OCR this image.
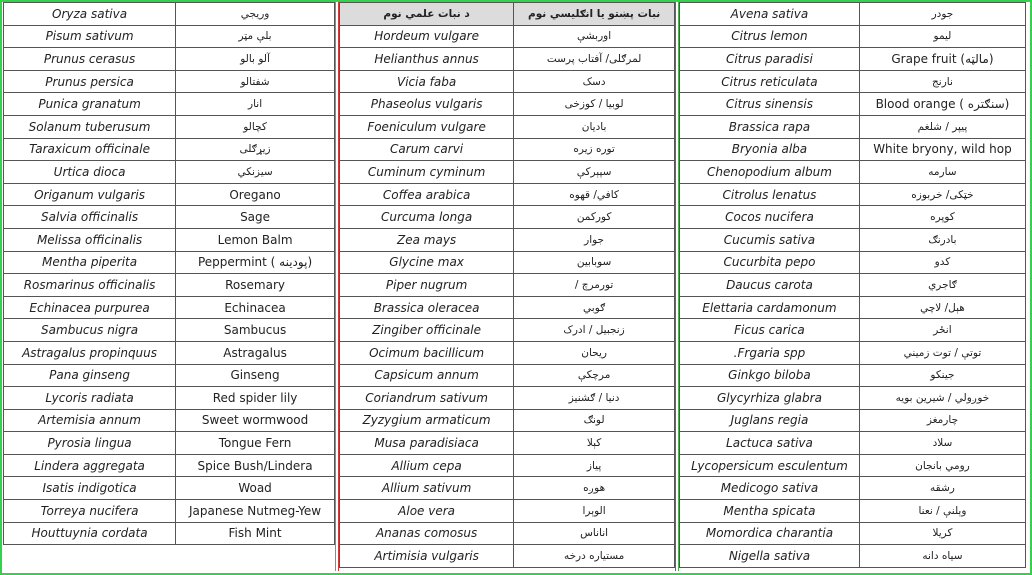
Oryza sativa	وريجي
Pisum sativum	بلې مټر
Prunus cerasus	آلو بالو
Prunus persica	شفتالو
Punica granatum	انار
Solanum tuberusum	کچالو
Taraxicum officinale	زيړګلی
Urtica dioca	سيزنکي
Origanum vulgaris	Oregano
Salvia officinalis	Sage
Melissa officinalis	Lemon Balm
Mentha piperita	Peppermint ( پودینه)
Rosmarinus officinalis	Rosemary
Echinacea purpurea	Echinacea
Sambucus nigra	Sambucus
Astragalus propinquus	Astragalus
Pana ginseng	Ginseng
Lycoris radiata	Red spider lily
Artemisia annum	Sweet wormwood
Pyrosia lingua	Tongue Fern
Lindera aggregata	Spice Bush/Lindera
Isatis indigotica	Woad
Torreya nucifera	Japanese Nutmeg-Yew
Houttuynia cordata	Fish Mint
د نبات علمي نوم	نبات پښتو يا انګليسي نوم
Hordeum vulgare	اوربشې
Helianthus annus	لمرګلی/ آفتاب پرست
Vicia faba	دسک
Phaseolus vulgaris	لوبیا / کوزخی
Foeniculum vulgare	بادیان
Carum carvi	توره زیره
Cuminum cyminum	سپېرکې
Coffea arabica	کافي/ قهوه
Curcuma longa	کورکمن
Zea mays	جوار
Glycine max	سوبابين
Piper nugrum	تورمرچ /
Brassica oleracea	ګوبي
Zingiber officinale	زنجبیل / ادرک
Ocimum bacillicum	ریحان
Capsicum annum	مرچکې
Coriandrum sativum	دنيا / ګشنيز
Zyzygium armaticum	لونګ
Musa paradisiaca	کېلا
Allium cepa	پیاز
Allium sativum	هوږه
Aloe vera	الوېرا
Ananas comosus	اناناس
Artimisia vulgaris	مستياره درخه
Avena sativa	جودر
Citrus lemon	ليمو
Citrus paradisi	Grape fruit (مالټه)
Citrus reticulata	نارنج
Citrus sinensis	Blood orange ( سنګتره)
Brassica rapa	پيپر / شلغم
Bryonia alba	White bryony, wild hop
Chenopodium album	سارمه
Citrolus lenatus	خټکی/ خربوزه
Cocos nucifera	کوپره
Cucumis sativa	بادرنګ
Cucurbita pepo	کدو
Daucus carota	ګاجري
Elettaria cardamonum	هېل/ لاچي
Ficus carica	انځر
.Frgaria spp	توتې / توت زمیني
Ginkgo biloba	جينکو
Glycyrhiza glabra	خوږولي / شيرين بويه
Juglans regia	چارمغز
Lactuca sativa	سلاد
Lycopersicum esculentum	رومي بانجان
Medicogo sativa	رشقه
Mentha spicata	وېلنې / نعنا
Momordica charantia	کريلا
Nigella sativa	سياه دانه
